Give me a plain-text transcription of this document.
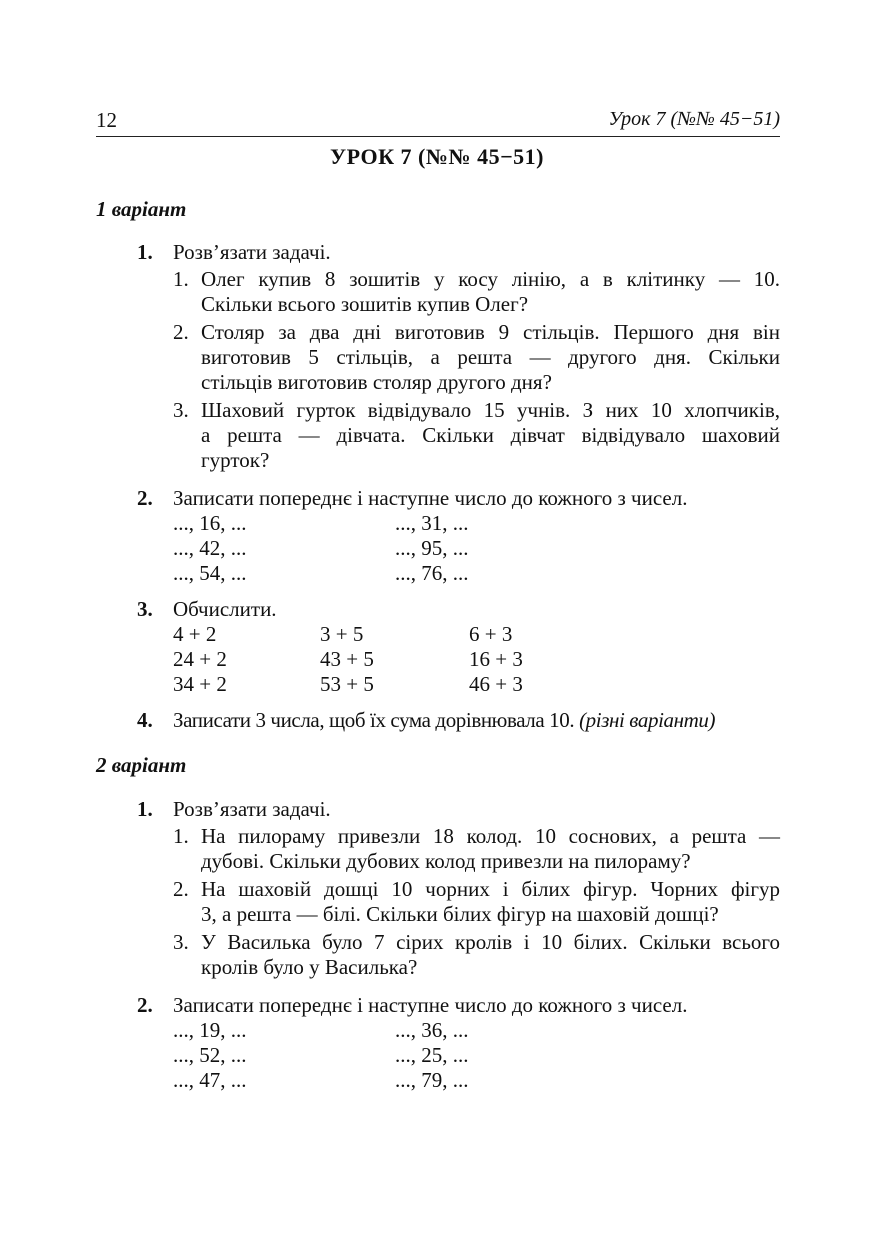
12	Урок 7 (№№ 45−51)
УРОК 7 (№№ 45−51)
1 варіант
1. Розв’язати задачі.
1. Олег купив 8 зошитів у косу лінію, а в клітинку — 10.
Скільки всього зошитів купив Олег?
2. Столяр за два дні виготовив 9 стільців. Першого дня він
виготовив 5 стільців, а решта — другого дня. Скільки
стільців виготовив столяр другого дня?
3. Шаховий гурток відвідувало 15 учнів. З них 10 хлопчиків,
а решта — дівчата. Скільки дівчат відвідувало шаховий
гурток?
2. Записати попереднє і наступне число до кожного з чисел.
..., 16, ...
..., 42, ...
..., 54, ...
..., 31, ...
..., 95, ...
..., 76, ...
3. Обчислити.
4 + 2
24 + 2
34 + 2
3 + 5
43 + 5
53 + 5
6 + 3
16 + 3
46 + 3
4. Записати 3 числа, щоб їх сума дорівнювала 10. (різні варіанти)
2 варіант
1. Розв’язати задачі.
1. На пилораму привезли 18 колод. 10 соснових, а решта —
дубові. Скільки дубових колод привезли на пилораму?
2. На шаховій дошці 10 чорних і білих фігур. Чорних фігур
3, а решта — білі. Скільки білих фігур на шаховій дошці?
3. У Василька було 7 сірих кролів і 10 білих. Скільки всього
кролів було у Василька?
2. Записати попереднє і наступне число до кожного з чисел.
..., 19, ...
..., 52, ...
..., 47, ...
..., 36, ...
..., 25, ...
..., 79, ...
